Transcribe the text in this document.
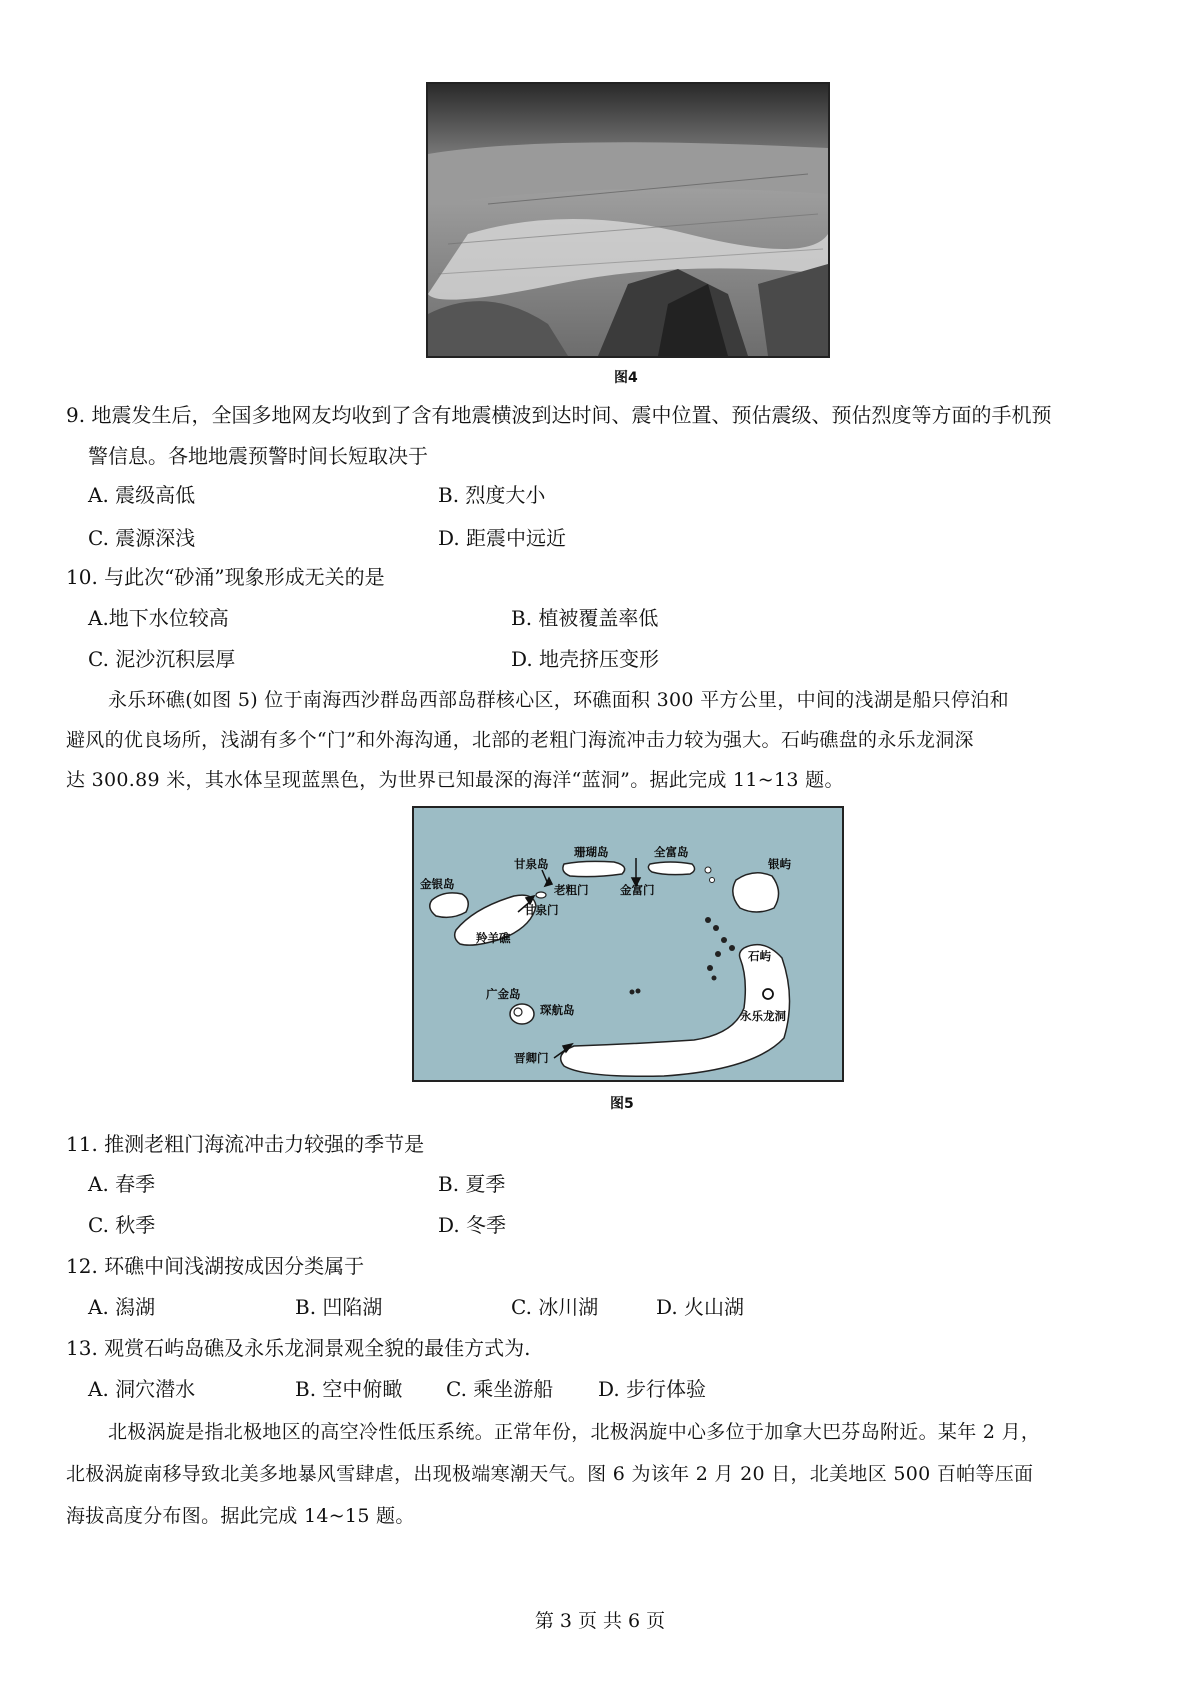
图4
9. 地震发生后，全国多地网友均收到了含有地震横波到达时间、震中位置、预估震级、预估烈度等方面的手机预
警信息。各地地震预警时间长短取决于
A. 震级高低	B. 烈度大小
C. 震源深浅	D. 距震中远近
10. 与此次“砂涌”现象形成无关的是
A.地下水位较高	B. 植被覆盖率低
C. 泥沙沉积层厚	D. 地壳挤压变形
永乐环礁(如图 5) 位于南海西沙群岛西部岛群核心区，环礁面积 300 平方公里，中间的浅湖是船只停泊和
避风的优良场所，浅湖有多个“门”和外海沟通，北部的老粗门海流冲击力较为强大。石屿礁盘的永乐龙洞深
达 300.89 米，其水体呈现蓝黑色，为世界已知最深的海洋“蓝洞”。据此完成 11~13 题。
金银岛
甘泉岛
珊瑚岛	全富岛
银屿
老粗门	金富门
甘泉门
羚羊礁
石屿
广金岛
琛航岛	永乐龙洞
晋卿门
图5
11. 推测老粗门海流冲击力较强的季节是
A. 春季	B. 夏季
C. 秋季	D. 冬季
12. 环礁中间浅湖按成因分类属于
A. 潟湖	B. 凹陷湖	C. 冰川湖	D. 火山湖
13. 观赏石屿岛礁及永乐龙洞景观全貌的最佳方式为.
A. 洞穴潜水	B. 空中俯瞰 C. 乘坐游船 D. 步行体验
北极涡旋是指北极地区的高空冷性低压系统。正常年份，北极涡旋中心多位于加拿大巴芬岛附近。某年 2 月，
北极涡旋南移导致北美多地暴风雪肆虐，出现极端寒潮天气。图 6 为该年 2 月 20 日，北美地区 500 百帕等压面
海拔高度分布图。据此完成 14~15 题。
第 3 页 共 6 页
